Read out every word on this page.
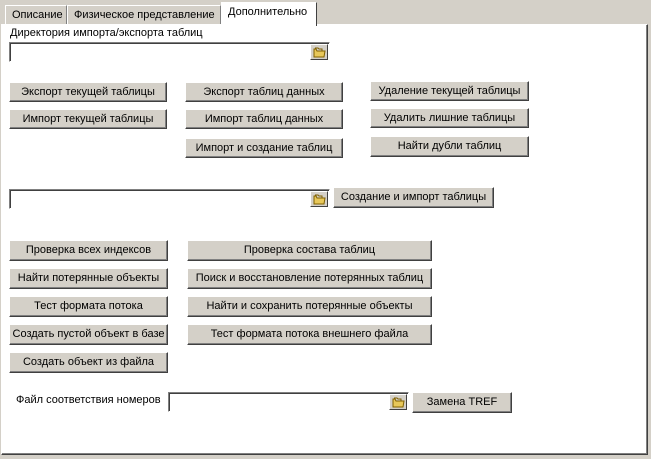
Описание	Физическое представление	Дополнительно
Директория импорта/экспорта таблиц
Экспорт текущей таблицы
Импорт текущей таблицы
Экспорт таблиц данных
Импорт таблиц данных
Импорт и создание таблиц
Удаление текущей таблицы
Удалить лишние таблицы
Найти дубли таблиц
Создание и импорт таблицы
Проверка всех индексов
Найти потерянные объекты
Тест формата потока
Создать пустой объект в базе
Создать объект из файла
Проверка состава таблиц
Поиск и восстановление потерянных таблиц
Найти и сохранить потерянные объекты
Тест формата потока внешнего файла
Файл соответствия номеров	Замена TREF
